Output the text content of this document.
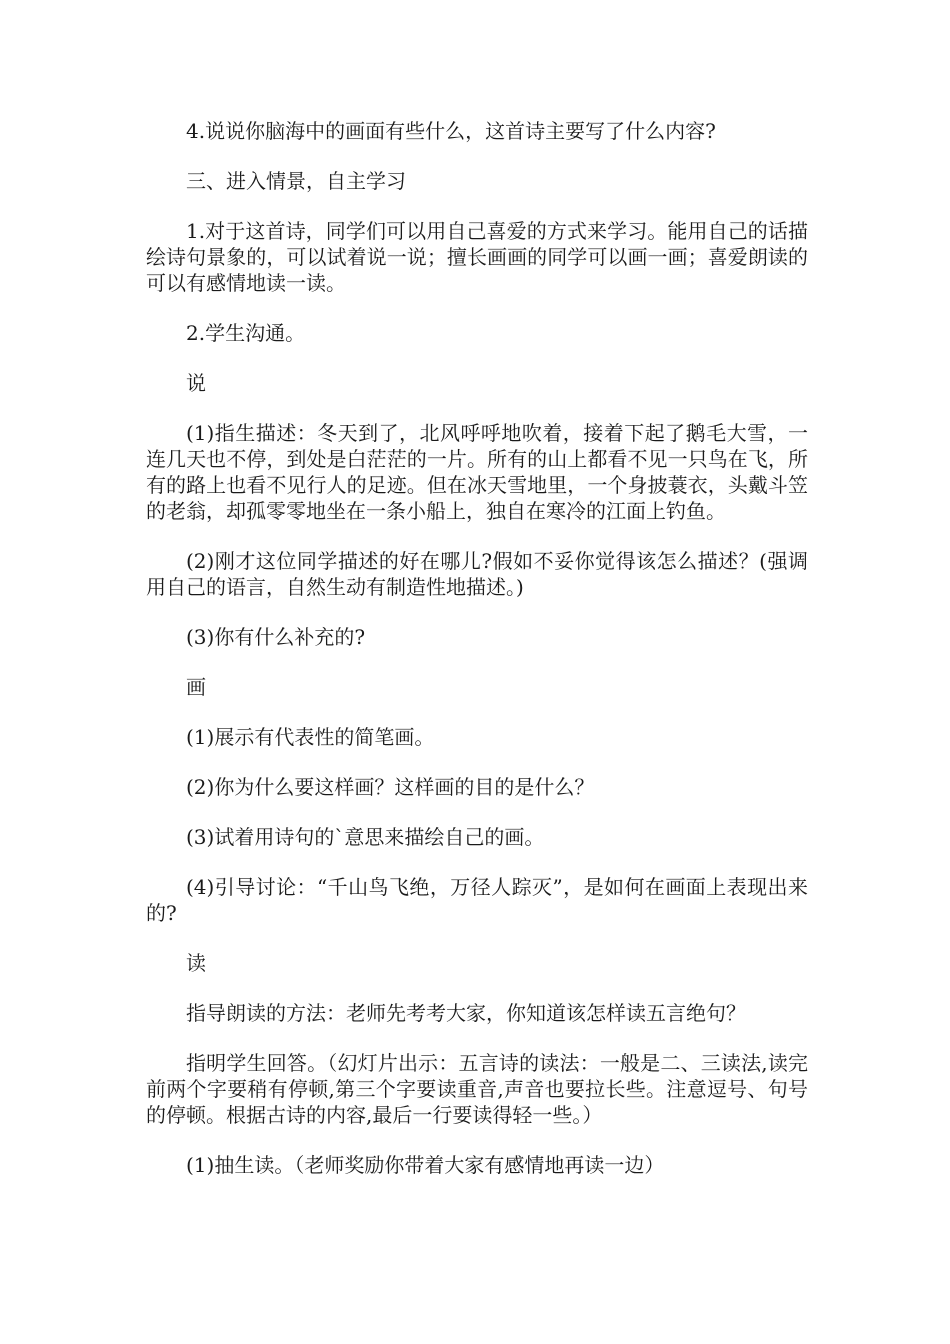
4.说说你脑海中的画面有些什么，这首诗主要写了什么内容?

三、进入情景，自主学习

1.对于这首诗，同学们可以用自己喜爱的方式来学习。能用自己的话描绘诗句景象的，可以试着说一说；擅长画画的同学可以画一画；喜爱朗读的可以有感情地读一读。

2.学生沟通。

说

(1)指生描述：冬天到了，北风呼呼地吹着，接着下起了鹅毛大雪，一连几天也不停，到处是白茫茫的一片。所有的山上都看不见一只鸟在飞，所有的路上也看不见行人的足迹。但在冰天雪地里，一个身披蓑衣，头戴斗笠的老翁，却孤零零地坐在一条小船上，独自在寒冷的江面上钓鱼。

(2)刚才这位同学描述的好在哪儿?假如不妥你觉得该怎么描述？(强调用自己的语言，自然生动有制造性地描述。)

(3)你有什么补充的?

画

(1)展示有代表性的简笔画。

(2)你为什么要这样画？这样画的目的是什么？

(3)试着用诗句的`意思来描绘自己的画。

(4)引导讨论：“千山鸟飞绝，万径人踪灭”，是如何在画面上表现出来的?

读

指导朗读的方法：老师先考考大家，你知道该怎样读五言绝句？

指明学生回答。（幻灯片出示：五言诗的读法：一般是二、三读法,读完前两个字要稍有停顿,第三个字要读重音,声音也要拉长些。注意逗号、句号的停顿。根据古诗的内容,最后一行要读得轻一些。）

(1)抽生读。（老师奖励你带着大家有感情地再读一边）
